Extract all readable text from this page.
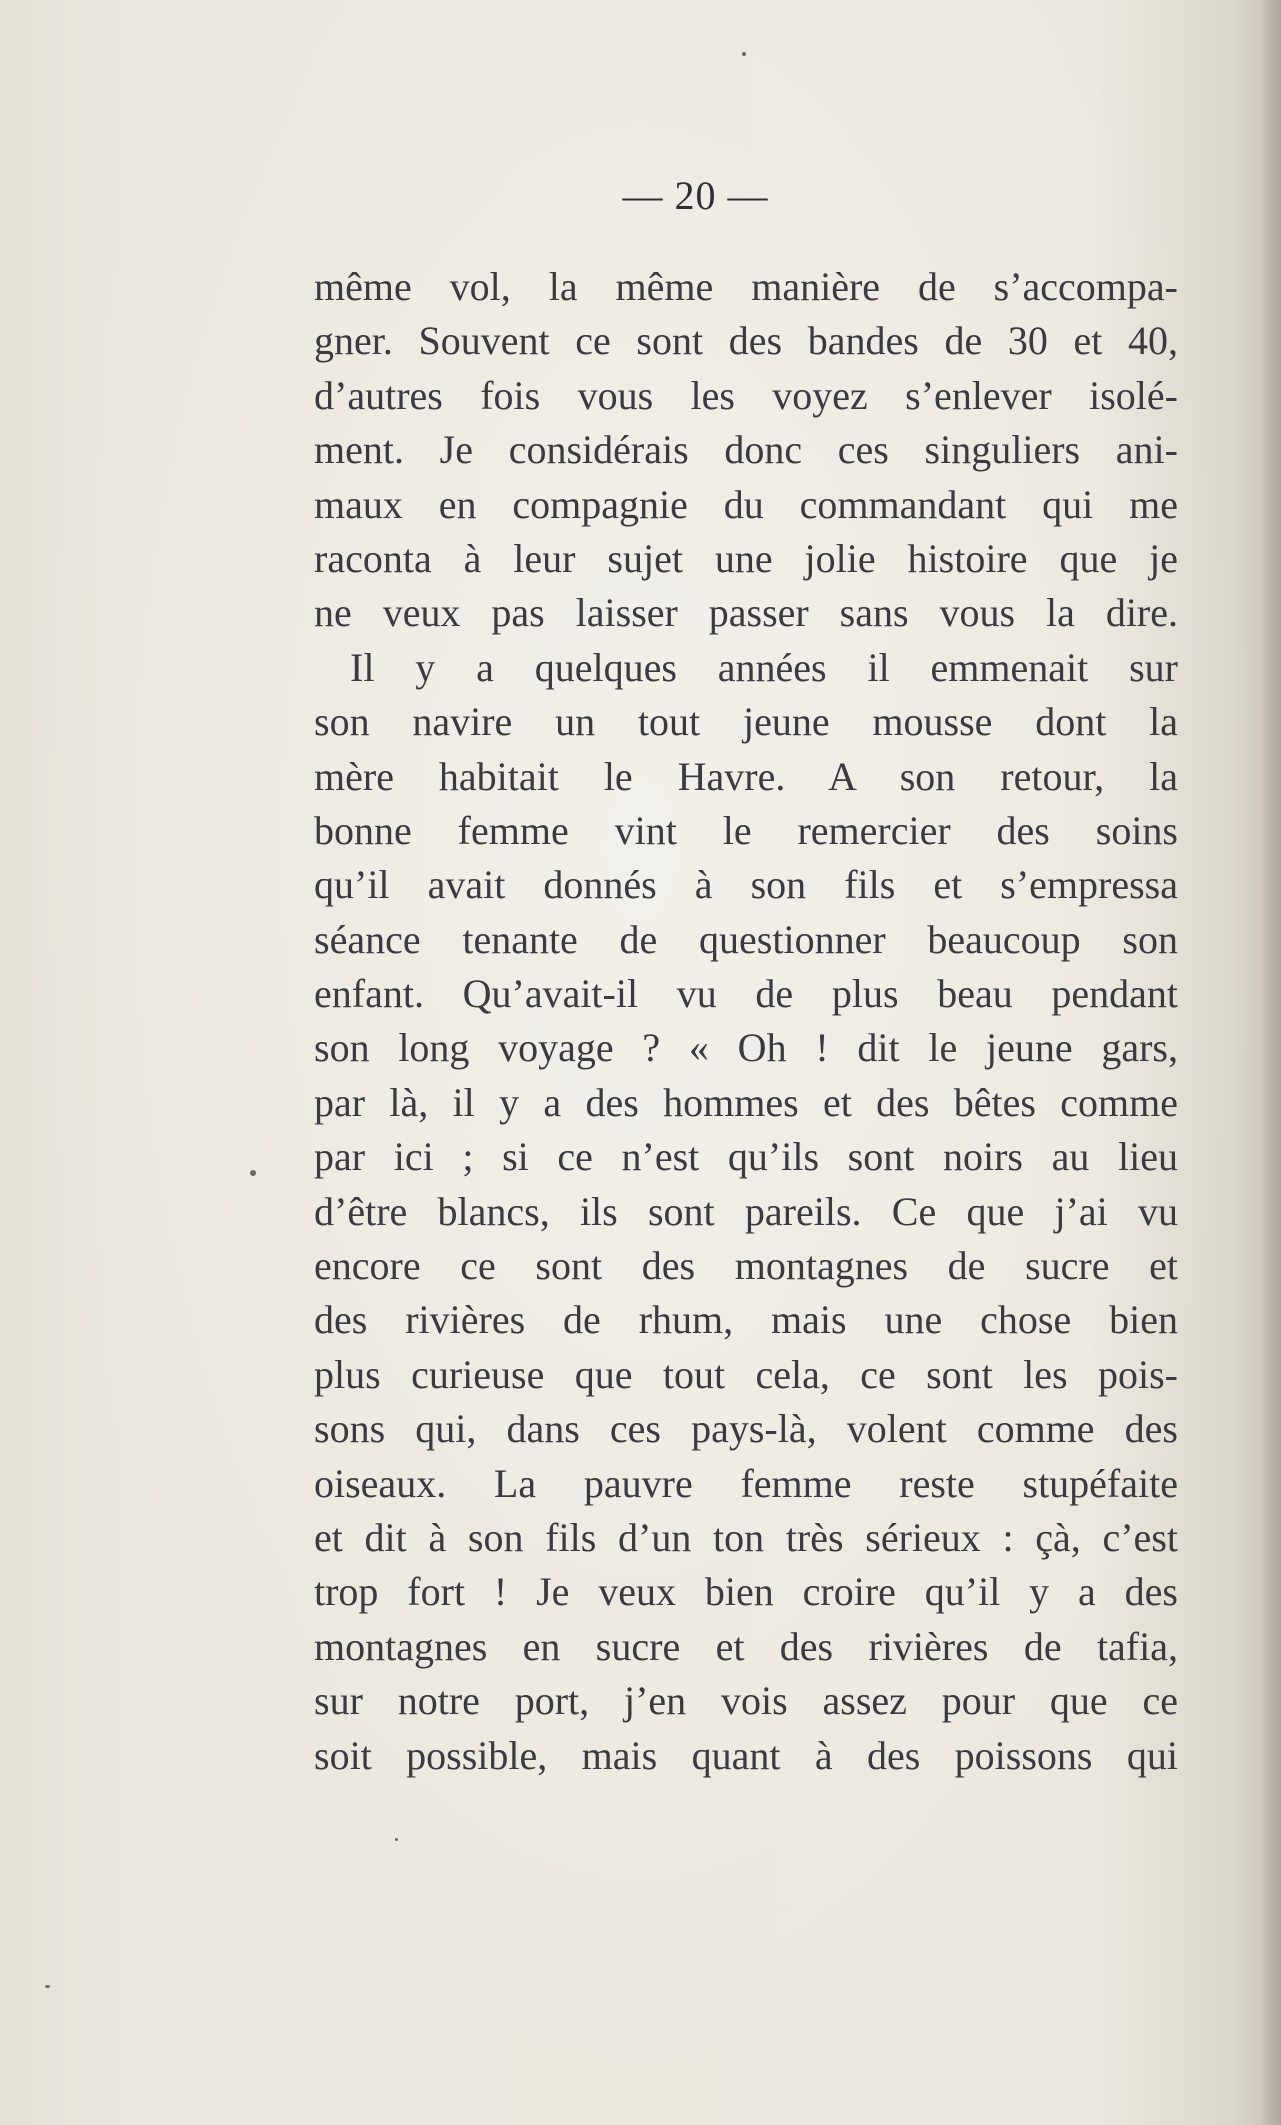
— 20 —
même vol, la même manière de s’accompa-
gner. Souvent ce sont des bandes de 30 et 40,
d’autres fois vous les voyez s’enlever isolé-
ment. Je considérais donc ces singuliers ani-
maux en compagnie du commandant qui me
raconta à leur sujet une jolie histoire que je
ne veux pas laisser passer sans vous la dire.
Il y a quelques années il emmenait sur
son navire un tout jeune mousse dont la
mère habitait le Havre. A son retour, la
bonne femme vint le remercier des soins
qu’il avait donnés à son fils et s’empressa
séance tenante de questionner beaucoup son
enfant. Qu’avait-il vu de plus beau pendant
son long voyage ? « Oh ! dit le jeune gars,
par là, il y a des hommes et des bêtes comme
par ici ; si ce n’est qu’ils sont noirs au lieu
d’être blancs, ils sont pareils. Ce que j’ai vu
encore ce sont des montagnes de sucre et
des rivières de rhum, mais une chose bien
plus curieuse que tout cela, ce sont les pois-
sons qui, dans ces pays-là, volent comme des
oiseaux. La pauvre femme reste stupéfaite
et dit à son fils d’un ton très sérieux : çà, c’est
trop fort ! Je veux bien croire qu’il y a des
montagnes en sucre et des rivières de tafia,
sur notre port, j’en vois assez pour que ce
soit possible, mais quant à des poissons qui
